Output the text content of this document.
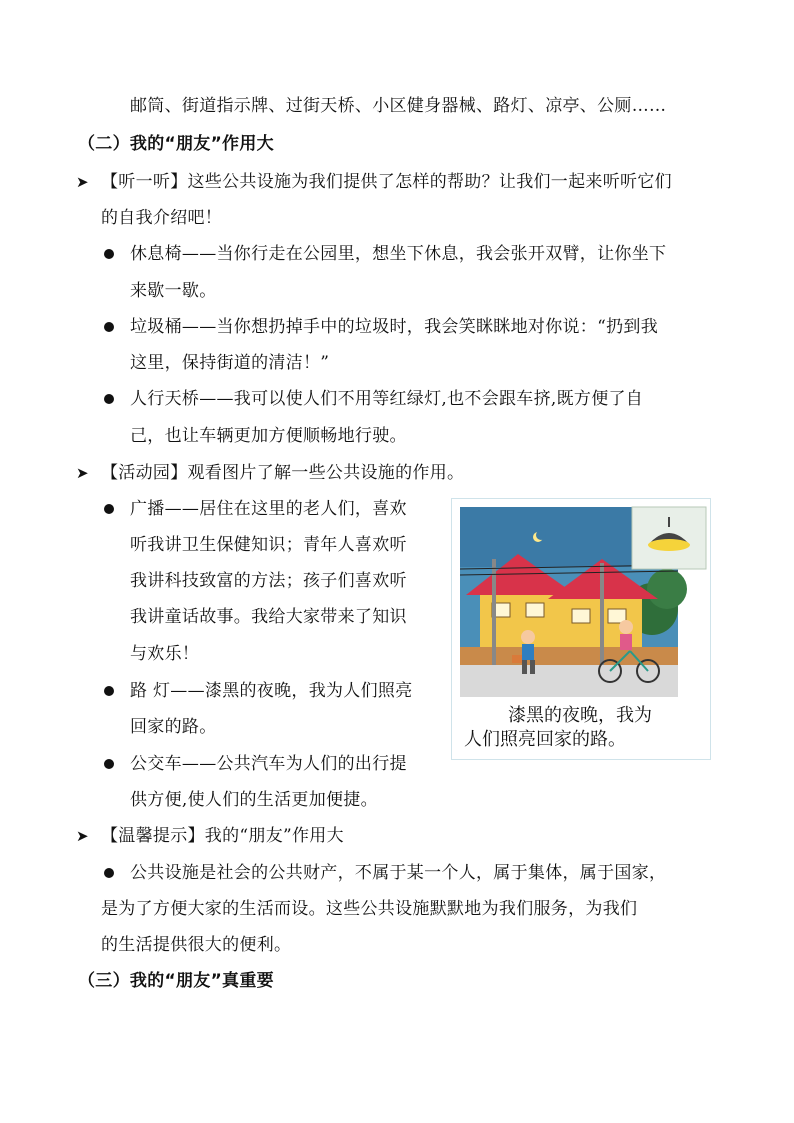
邮筒、街道指示牌、过街天桥、小区健身器械、路灯、凉亭、公厕……
（二）我的“朋友”作用大
➤ 【听一听】这些公共设施为我们提供了怎样的帮助？让我们一起来听听它们
的自我介绍吧！
休息椅——当你行走在公园里，想坐下休息，我会张开双臂，让你坐下
来歇一歇。
垃圾桶——当你想扔掉手中的垃圾时，我会笑眯眯地对你说：“扔到我
这里，保持街道的清洁！”
人行天桥——我可以使人们不用等红绿灯,也不会跟车挤,既方便了自
己，也让车辆更加方便顺畅地行驶。
➤ 【活动园】观看图片了解一些公共设施的作用。
广播——居住在这里的老人们，喜欢
听我讲卫生保健知识；青年人喜欢听
我讲科技致富的方法；孩子们喜欢听
我讲童话故事。我给大家带来了知识
与欢乐！
路 灯——漆黑的夜晚，我为人们照亮
回家的路。
公交车——公共汽车为人们的出行提
供方便,使人们的生活更加便捷。
漆黑的夜晚，我为
人们照亮回家的路。
➤ 【温馨提示】我的“朋友”作用大
公共设施是社会的公共财产，不属于某一个人，属于集体，属于国家，
是为了方便大家的生活而设。这些公共设施默默地为我们服务，为我们
的生活提供很大的便利。
（三）我的“朋友”真重要
